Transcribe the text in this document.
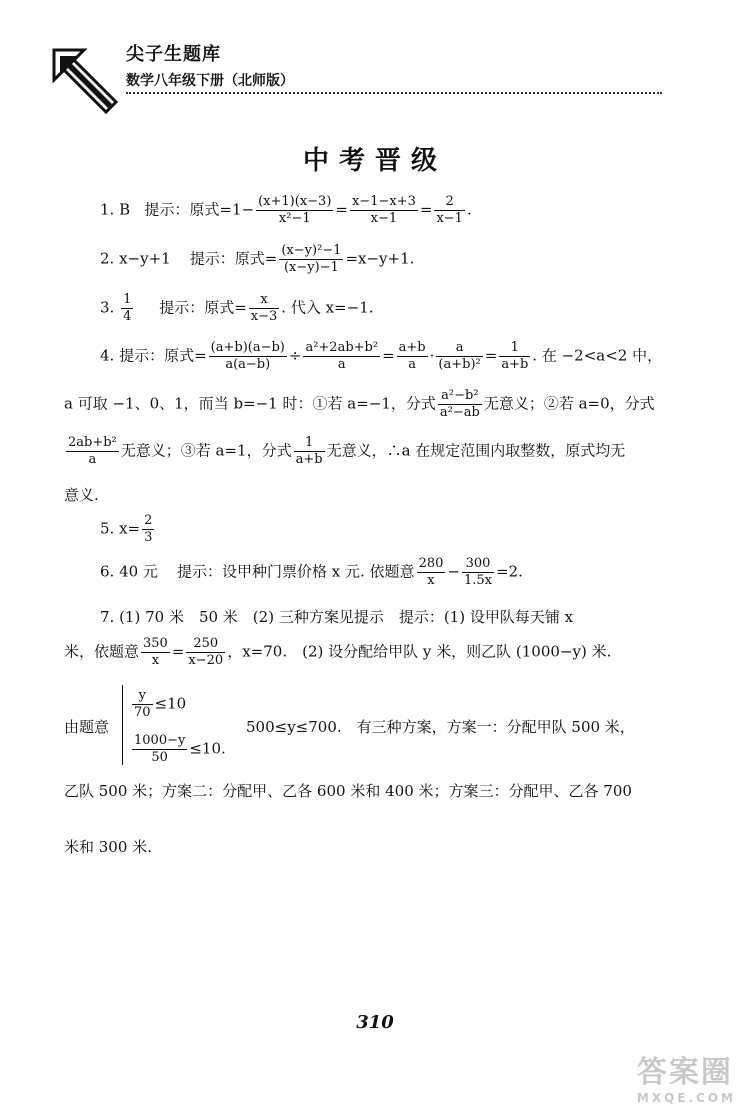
尖子生题库
数学八年级下册（北师版）
中考晋级
1. B 提示：原式$=1- \frac{(x+1)(x-3)}{\text{x²−1}} = \frac{x-1-x+3}{x-1} = \frac{2}{x-1}$ .
2. x−y+1 提示：原式= $\frac{\text{(x−y)²−1}}{(x-y)-1} =x-y+1$.
3. $\frac{1}{4}$ 提示：原式= $\frac{x}{x-3}$ . 代入 x=−1.
4. 提示：原式= $\frac{(a+b)(a-b)}{a(a-b)} \div \frac{\text{a²+2ab+b²}}{a} = \frac{a+b}{a} \cdot \frac{a}{\text{(a+b)²}} = \frac{1}{a+b}$ . 在 −2<a<2 中，
a 可取 −1、0、1，而当 b=−1 时：①若 a=−1，分式 $\frac{\text{a²−b²}}{\text{a²−ab}}$ 无意义；②若 a=0，分式
$\frac{\text{2ab+b²}}{a}$ 无意义；③若 a=1，分式 $\frac{1}{a+b}$ 无意义，∴a 在规定范围内取整数，原式均无
意义.
5. $x= \frac{2}{3}$
6. 40 元 提示：设甲种门票价格 x 元. 依题意 $\frac{280}{x} - \frac{300}{1.5x} =2$.
7. (1) 70 米　50 米　(2) 三种方案见提示　提示：(1) 设甲队每天铺 x
米，依题意 $\frac{350}{x} = \frac{250}{x-20}$ ，x=70.　(2) 设分配给甲队 y 米，则乙队 (1000−y) 米.
由题意
$\frac{y}{70} \le 10$
$\frac{1000-y}{50} \le 10$.
500≤y≤700.　有三种方案，方案一：分配甲队 500 米，
乙队 500 米；方案二：分配甲、乙各 600 米和 400 米；方案三：分配甲、乙各 700
米和 300 米.
310
答案圈
MXQE.COM
